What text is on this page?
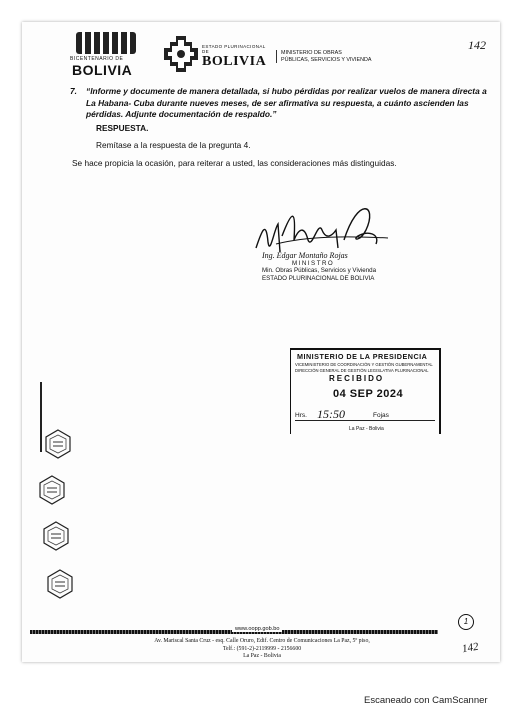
BICENTENARIO DE
BOLIVIA
ESTADO PLURINACIONAL DE
BOLIVIA
MINISTERIO DE OBRAS
PÚBLICAS, SERVICIOS Y VIVIENDA
142
7. “Informe y documente de manera detallada, si hubo pérdidas por realizar vuelos de manera directa a La Habana- Cuba durante nueves meses, de ser afirmativa su respuesta, a cuánto ascienden las pérdidas. Adjunte documentación de respaldo.”
RESPUESTA.
Remítase a la respuesta de la pregunta 4.
Se hace propicia la ocasión, para reiterar a usted, las consideraciones más distinguidas.
Ing. Édgar Montaño Rojas
MINISTRO
Min. Obras Públicas, Servicios y Vivienda
ESTADO PLURINACIONAL DE BOLIVIA
MINISTERIO DE LA PRESIDENCIA
VICEMINISTERIO DE COORDINACIÓN Y GESTIÓN GUBERNAMENTAL
DIRECCIÓN GENERAL DE GESTIÓN LEGISLATIVA PLURINACIONAL
RECIBIDO
04 SEP 2024
Hrs. 15:50	Fojas
La Paz - Bolivia
www.oopp.gob.bo
Av. Mariscal Santa Cruz - esq. Calle Oruro, Edif. Centro de Comunicaciones La Paz, 5º piso,
Telf.: (591-2)-2119999 - 2156600
La Paz - Bolivia
1
142
Escaneado con CamScanner
